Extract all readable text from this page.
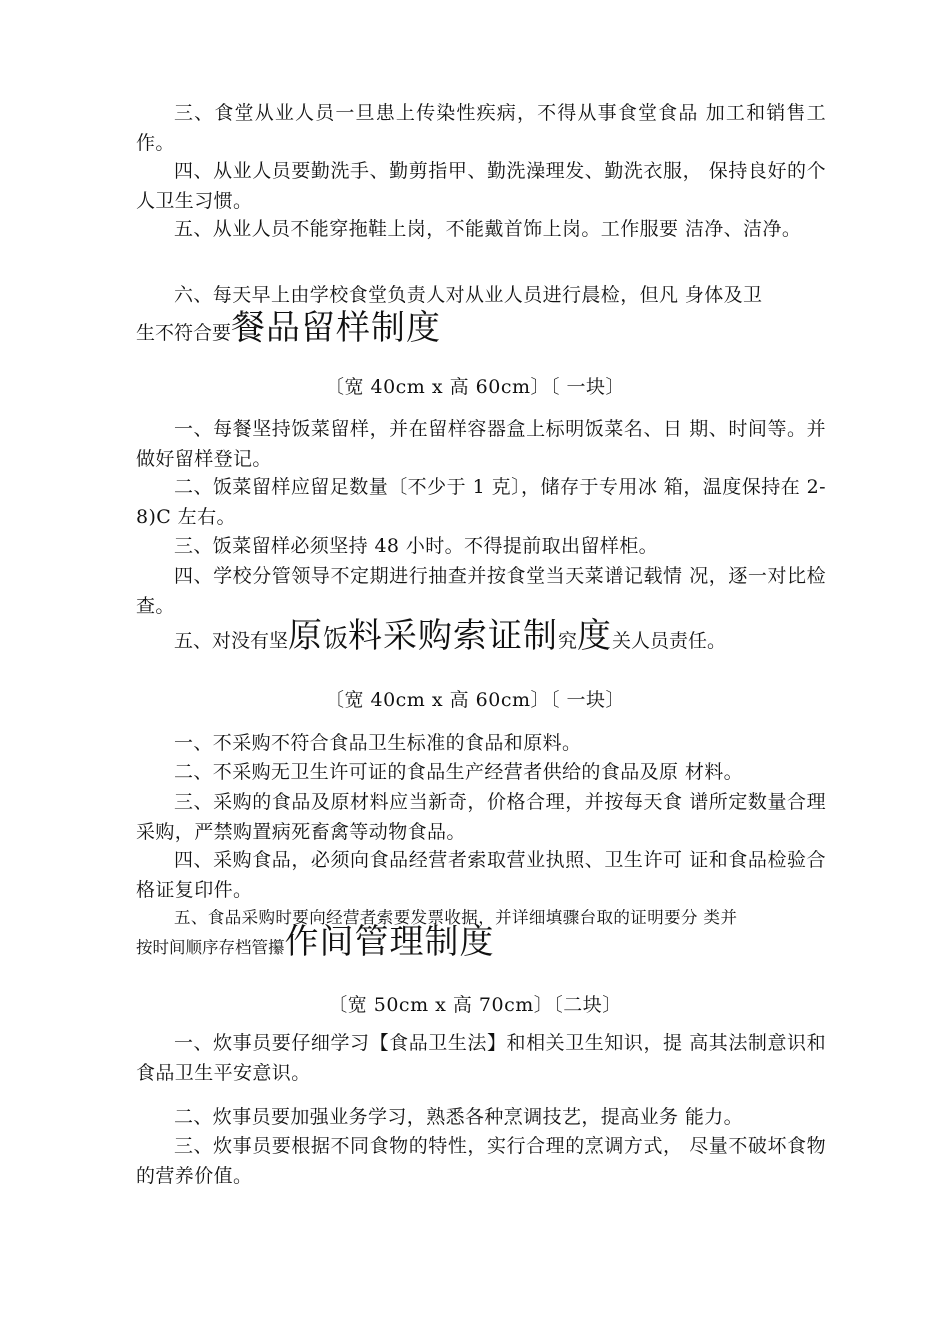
三、食堂从业人员一旦患上传染性疾病，不得从事食堂食品 加工和销售工作。

四、从业人员要勤洗手、勤剪指甲、勤洗澡理发、勤洗衣服， 保持良好的个人卫生习惯。

五、从业人员不能穿拖鞋上岗，不能戴首饰上岗。工作服要 洁净、洁净。

六、每天早上由学校食堂负责人对从业人员进行晨检，但凡 身体及卫

生不符合要餐品留样制度

〔宽 40cm x 高 60cm〕〔 一块〕

一、每餐坚持饭菜留样，并在留样容器盒上标明饭菜名、日 期、时间等。并做好留样登记。

二、饭菜留样应留足数量〔不少于 1 克〕，储存于专用冰 箱，温度保持在 2-8)C 左右。

三、饭菜留样必须坚持 48 小时。不得提前取出留样柜。

四、学校分管领导不定期进行抽查并按食堂当天菜谱记载情 况，逐一对比检查。

五、对没有坚原饭料采购索证制究度关人员责任。

〔宽 40cm x 高 60cm〕〔 一块〕

一、不采购不符合食品卫生标准的食品和原料。

二、不采购无卫生许可证的食品生产经营者供给的食品及原 材料。

三、采购的食品及原材料应当新奇，价格合理，并按每天食 谱所定数量合理采购，严禁购置病死畜禽等动物食品。

四、采购食品，必须向食品经营者索取营业执照、卫生许可 证和食品检验合格证复印件。

五、食品采购时要向经营者索要发票收据，并详细填骤台取的证明要分 类并

按时间顺序存档管攥作间管理制度

〔宽 50cm x 高 70cm〕〔二块〕

一、炊事员要仔细学习【食品卫生法】和相关卫生知识，提 高其法制意识和食品卫生平安意识。

二、炊事员要加强业务学习，熟悉各种烹调技艺，提高业务 能力。

三、炊事员要根据不同食物的特性，实行合理的烹调方式， 尽量不破坏食物的营养价值。
